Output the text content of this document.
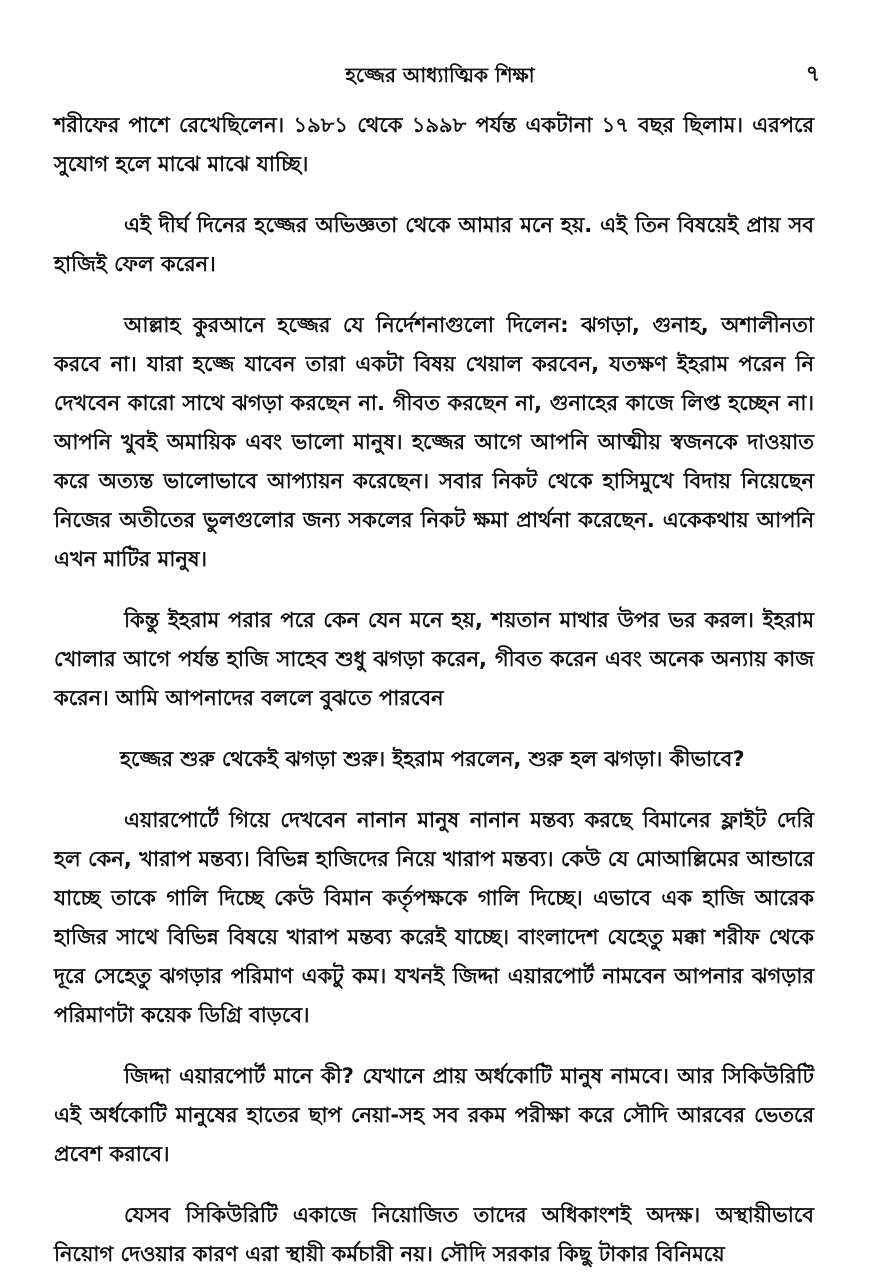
হজ্জের আধ্যাত্মিক শিক্ষা	৭

শরীফের পাশে রেখেছিলেন। ১৯৮১ থেকে ১৯৯৮ পর্যন্ত একটানা ১৭ বছর ছিলাম। এরপরে সুযোগ হলে মাঝে মাঝে যাচ্ছি।

এই দীর্ঘ দিনের হজ্জের অভিজ্ঞতা থেকে আমার মনে হয়. এই তিন বিষয়েই প্রায় সব হাজিই ফেল করেন।

আল্লাহ কুরআনে হজ্জের যে নির্দেশনাগুলো দিলেন: ঝগড়া, গুনাহ, অশালীনতা করবে না। যারা হজ্জে যাবেন তারা একটা বিষয় খেয়াল করবেন, যতক্ষণ ইহরাম পরেন নি দেখবেন কারো সাথে ঝগড়া করছেন না. গীবত করছেন না, গুনাহের কাজে লিপ্ত হচ্ছেন না। আপনি খুবই অমায়িক এবং ভালো মানুষ। হজ্জের আগে আপনি আত্মীয় স্বজনকে দাওয়াত করে অত্যন্ত ভালোভাবে আপ্যায়ন করেছেন। সবার নিকট থেকে হাসিমুখে বিদায় নিয়েছেন নিজের অতীতের ভুলগুলোর জন্য সকলের নিকট ক্ষমা প্রার্থনা করেছেন. একেকথায় আপনি এখন মাটির মানুষ।

কিন্তু ইহরাম পরার পরে কেন যেন মনে হয়, শয়তান মাথার উপর ভর করল। ইহরাম খোলার আগে পর্যন্ত হাজি সাহেব শুধু ঝগড়া করেন, গীবত করেন এবং অনেক অন্যায় কাজ করেন। আমি আপনাদের বললে বুঝতে পারবেন

হজ্জের শুরু থেকেই ঝগড়া শুরু। ইহরাম পরলেন, শুরু হল ঝগড়া। কীভাবে?

এয়ারপোর্টে গিয়ে দেখবেন নানান মানুষ নানান মন্তব্য করছে বিমানের ফ্লাইট দেরি হল কেন, খারাপ মন্তব্য। বিভিন্ন হাজিদের নিয়ে খারাপ মন্তব্য। কেউ যে মোআল্লিমের আন্ডারে যাচ্ছে তাকে গালি দিচ্ছে কেউ বিমান কর্তৃপক্ষকে গালি দিচ্ছে। এভাবে এক হাজি আরেক হাজির সাথে বিভিন্ন বিষয়ে খারাপ মন্তব্য করেই যাচ্ছে। বাংলাদেশ যেহেতু মক্কা শরীফ থেকে দূরে সেহেতু ঝগড়ার পরিমাণ একটু কম। যখনই জিদ্দা এয়ারপোর্ট নামবেন আপনার ঝগড়ার পরিমাণটা কয়েক ডিগ্রি বাড়বে।

জিদ্দা এয়ারপোর্ট মানে কী? যেখানে প্রায় অর্ধকোটি মানুষ নামবে। আর সিকিউরিটি এই অর্ধকোটি মানুষের হাতের ছাপ নেয়া-সহ সব রকম পরীক্ষা করে সৌদি আরবের ভেতরে প্রবেশ করাবে।

যেসব সিকিউরিটি একাজে নিয়োজিত তাদের অধিকাংশই অদক্ষ। অস্থায়ীভাবে নিয়োগ দেওয়ার কারণ এরা স্থায়ী কর্মচারী নয়। সৌদি সরকার কিছু টাকার বিনিময়ে
